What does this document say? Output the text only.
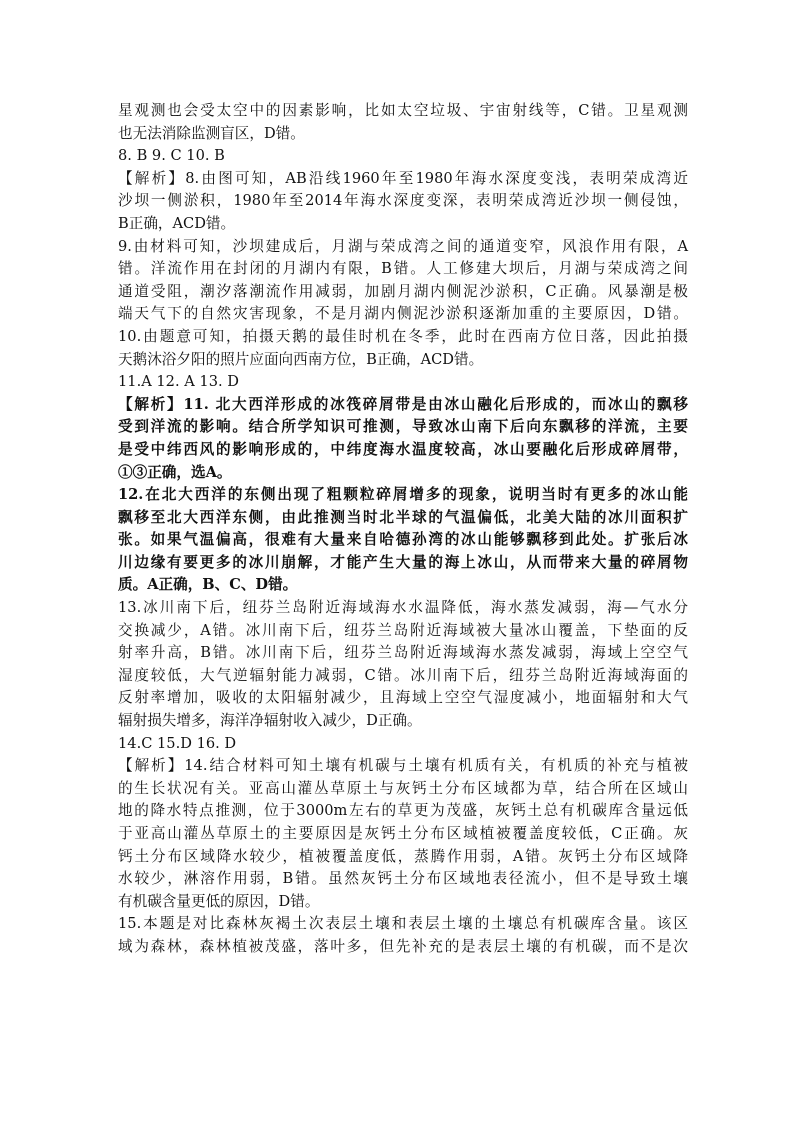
星观测也会受太空中的因素影响，比如太空垃圾、宇宙射线等，C错。卫星观测
也无法消除监测盲区，D错。
8. B 9. C 10. B
【解析】8.由图可知，AB沿线1960年至1980年海水深度变浅，表明荣成湾近
沙坝一侧淤积，1980年至2014年海水深度变深，表明荣成湾近沙坝一侧侵蚀，
B正确，ACD错。
9.由材料可知，沙坝建成后，月湖与荣成湾之间的通道变窄，风浪作用有限，A
错。洋流作用在封闭的月湖内有限，B错。人工修建大坝后，月湖与荣成湾之间
通道受阻，潮汐落潮流作用减弱，加剧月湖内侧泥沙淤积，C正确。风暴潮是极
端天气下的自然灾害现象，不是月湖内侧泥沙淤积逐渐加重的主要原因，D错。
10.由题意可知，拍摄天鹅的最佳时机在冬季，此时在西南方位日落，因此拍摄
天鹅沐浴夕阳的照片应面向西南方位，B正确，ACD错。
11.A 12. A 13. D
【解析】11. 北大西洋形成的冰筏碎屑带是由冰山融化后形成的，而冰山的飘移
受到洋流的影响。结合所学知识可推测，导致冰山南下后向东飘移的洋流，主要
是受中纬西风的影响形成的，中纬度海水温度较高，冰山要融化后形成碎屑带，
①③正确，选A。
12.在北大西洋的东侧出现了粗颗粒碎屑增多的现象，说明当时有更多的冰山能
飘移至北大西洋东侧，由此推测当时北半球的气温偏低，北美大陆的冰川面积扩
张。如果气温偏高，很难有大量来自哈德孙湾的冰山能够飘移到此处。扩张后冰
川边缘有要更多的冰川崩解，才能产生大量的海上冰山，从而带来大量的碎屑物
质。A正确，B、C、D错。
13.冰川南下后，纽芬兰岛附近海域海水水温降低，海水蒸发减弱，海—气水分
交换减少，A错。冰川南下后，纽芬兰岛附近海域被大量冰山覆盖，下垫面的反
射率升高，B错。冰川南下后，纽芬兰岛附近海域海水蒸发减弱，海域上空空气
湿度较低，大气逆辐射能力减弱，C错。冰川南下后，纽芬兰岛附近海域海面的
反射率增加，吸收的太阳辐射减少，且海域上空空气湿度减小，地面辐射和大气
辐射损失增多，海洋净辐射收入减少，D正确。
14.C 15.D 16. D
【解析】14.结合材料可知土壤有机碳与土壤有机质有关，有机质的补充与植被
的生长状况有关。亚高山灌丛草原土与灰钙土分布区域都为草，结合所在区域山
地的降水特点推测，位于3000m左右的草更为茂盛，灰钙土总有机碳库含量远低
于亚高山灌丛草原土的主要原因是灰钙土分布区域植被覆盖度较低，C正确。灰
钙土分布区域降水较少，植被覆盖度低，蒸腾作用弱，A错。灰钙土分布区域降
水较少，淋溶作用弱，B错。虽然灰钙土分布区域地表径流小，但不是导致土壤
有机碳含量更低的原因，D错。
15.本题是对比森林灰褐土次表层土壤和表层土壤的土壤总有机碳库含量。该区
域为森林，森林植被茂盛，落叶多，但先补充的是表层土壤的有机碳，而不是次
